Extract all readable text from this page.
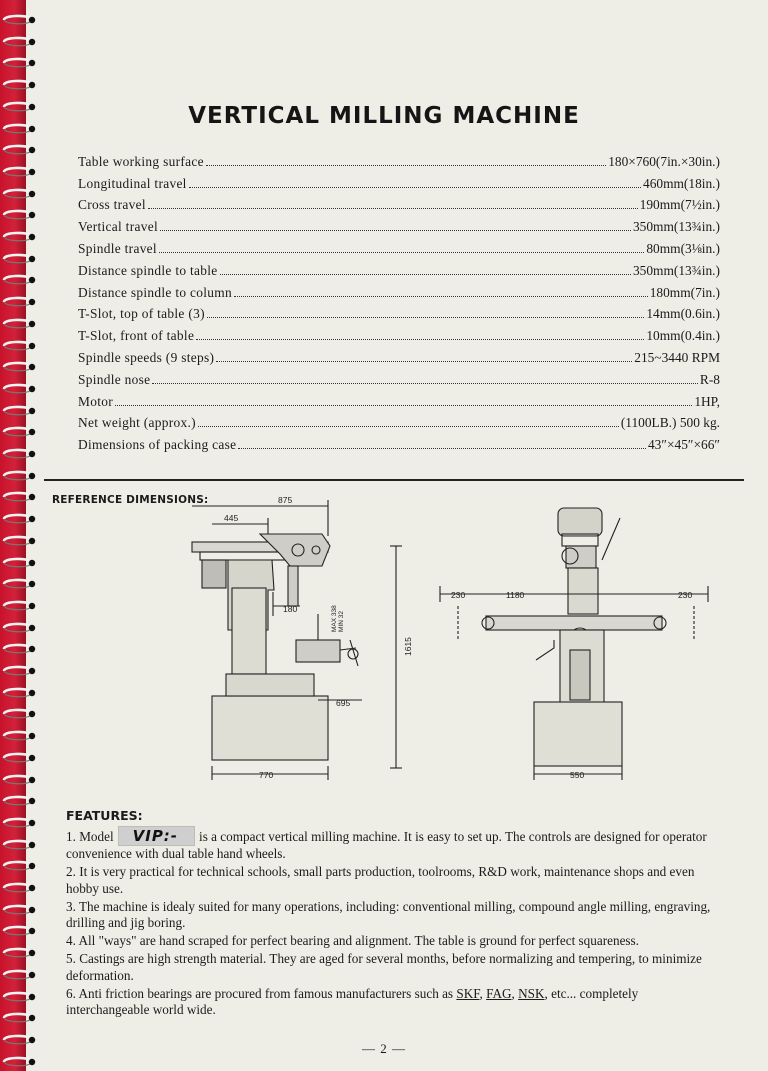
VERTICAL MILLING MACHINE
Table working surface	180×760(7in.×30in.)
Longitudinal travel	460mm(18in.)
Cross travel	190mm(7½in.)
Vertical travel	350mm(13¾in.)
Spindle travel	80mm(3⅛in.)
Distance spindle to table	350mm(13¾in.)
Distance spindle to column	180mm(7in.)
T-Slot, top of table (3)	14mm(0.6in.)
T-Slot, front of table	10mm(0.4in.)
Spindle speeds (9 steps)	215~3440 RPM
Spindle nose	R-8
Motor	1HP,
Net weight (approx.)	(1100LB.) 500 kg.
Dimensions of packing case	43″×45″×66″
REFERENCE DIMENSIONS:	875
445
180
695
770	550
230	1180	230
1615
MAX 338 MIN 32
FEATURES:
1. Model VIP:- is a compact vertical milling machine. It is easy to set up. The controls are designed for operator convenience with dual table hand wheels.
2. It is very practical for technical schools, small parts production, toolrooms, R&D work, maintenance shops and even hobby use.
3. The machine is idealy suited for many operations, including: conventional milling, compound angle milling, engraving, drilling and jig boring.
4. All "ways" are hand scraped for perfect bearing and alignment. The table is ground for perfect squareness.
5. Castings are high strength material. They are aged for several months, before normalizing and tempering, to minimize deformation.
6. Anti friction bearings are procured from famous manufacturers such as SKF, FAG, NSK, etc... completely interchangeable world wide.
— 2 —
